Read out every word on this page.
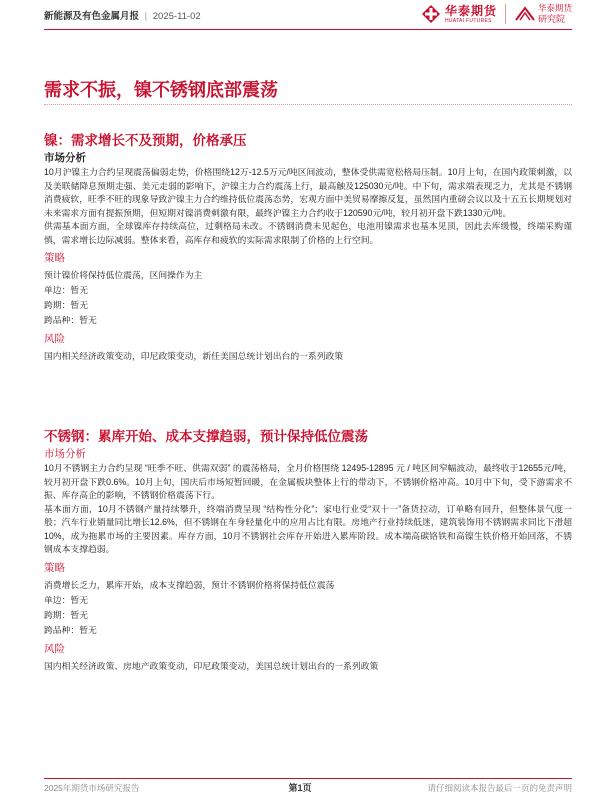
新能源及有色金属月报 | 2025-11-02	华泰期货
HUATAI FUTURES
华泰期货
研究院
需求不振，镍不锈钢底部震荡
镍：需求增长不及预期，价格承压
市场分析

10月沪镍主力合约呈现震荡偏弱走势，价格围绕12万-12.5万元/吨区间波动，整体受供需宽松格局压制。10月上旬，在国内政策刺激，以及美联储降息预期走强、美元走弱的影响下，沪镍主力合约震荡上行，最高触及125030元/吨。中下旬，需求端表现乏力，尤其是不锈钢消费疲软，旺季不旺的现象导致沪镍主力合约维持低位震荡态势，宏观方面中美贸易摩擦反复，虽然国内重磅会议以及十五五长期规划对未来需求方面有提振预期，但短期对镍消费刺激有限，最终沪镍主力合约收于120590元/吨，较月初开盘下跌1330元/吨。

供需基本面方面，全球镍库存持续高位，过剩格局未改。不锈钢消费未见起色，电池用镍需求也基本见顶，因此去库缓慢，终端采购谨慎，需求增长边际减弱。整体来看，高库存和疲软的实际需求限制了价格的上行空间。

策略
预计镍价将保持低位震荡，区间操作为主
单边：暂无
跨期：暂无
跨品种：暂无
风险
国内相关经济政策变动，印尼政策变动，新任美国总统计划出台的一系列政策
不锈钢：累库开始、成本支撑趋弱，预计保持低位震荡
市场分析

10月不锈钢主力合约呈现 “旺季不旺、供需双弱” 的震荡格局，全月价格围绕 12495-12895 元 / 吨区间窄幅波动，最终收于12655元/吨，较月初开盘下跌0.6%。10月上旬，国庆后市场短暂回暖，在金属板块整体上行的带动下，不锈钢价格冲高。10月中下旬，受下游需求不振、库存高企的影响，不锈钢价格震荡下行。

基本面方面，10月不锈钢产量持续攀升，终端消费呈现 “结构性分化”；家电行业受“双十一”备货拉动，订单略有回升，但整体景气度一般；汽车行业销量同比增长12.6%，但不锈钢在车身轻量化中的应用占比有限。房地产行业持续低迷，建筑装饰用不锈钢需求同比下滑超10%，成为拖累市场的主要因素。库存方面，10月不锈钢社会库存开始进入累库阶段。成本端高碳铬铁和高镍生铁价格开始回落，不锈钢成本支撑趋弱。

策略
消费增长乏力，累库开始，成本支撑趋弱，预计不锈钢价格将保持低位震荡
单边：暂无
跨期：暂无
跨品种：暂无
风险
国内相关经济政策、房地产政策变动，印尼政策变动，美国总统计划出台的一系列政策
2025年期货市场研究报告	第1页	请仔细阅读本报告最后一页的免责声明
